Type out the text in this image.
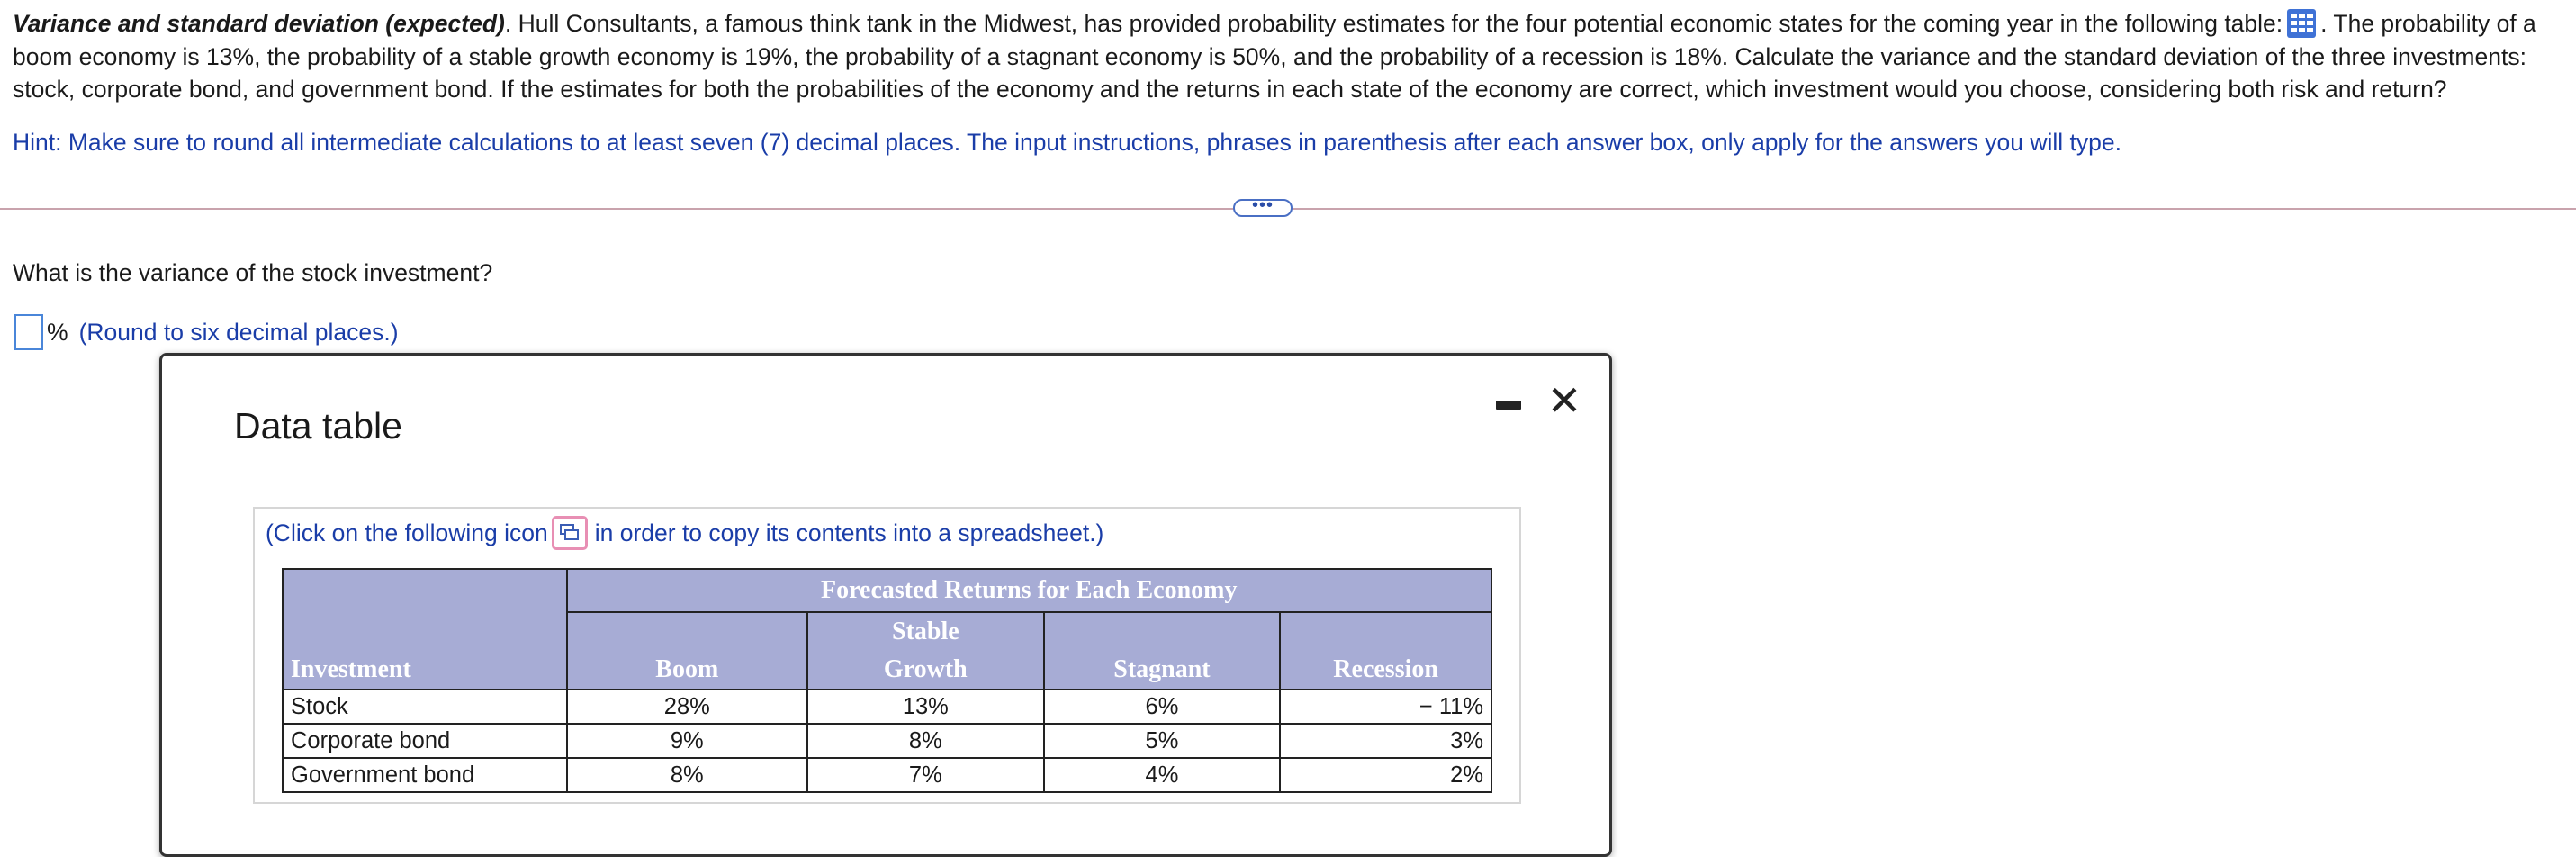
Variance and standard deviation (expected). Hull Consultants, a famous think tank in the Midwest, has provided probability estimates for the four potential economic states for the coming year in the following table: . The probability of a boom economy is 13%, the probability of a stable growth economy is 19%, the probability of a stagnant economy is 50%, and the probability of a recession is 18%. Calculate the variance and the standard deviation of the three investments: stock, corporate bond, and government bond. If the estimates for both the probabilities of the economy and the returns in each state of the economy are correct, which investment would you choose, considering both risk and return?
Hint: Make sure to round all intermediate calculations to at least seven (7) decimal places. The input instructions, phrases in parenthesis after each answer box, only apply for the answers you will type.
•••
What is the variance of the stock investment?
% (Round to six decimal places.)
Data table
✕
(Click on the following icon in order to copy its contents into a spreadsheet.)
Investment	Forecasted Returns for Each Economy			
	Boom	Stable Growth	Stagnant	Recession
Stock	28%	13%	6%	− 11%
Corporate bond	9%	8%	5%	3%
Government bond	8%	7%	4%	2%
